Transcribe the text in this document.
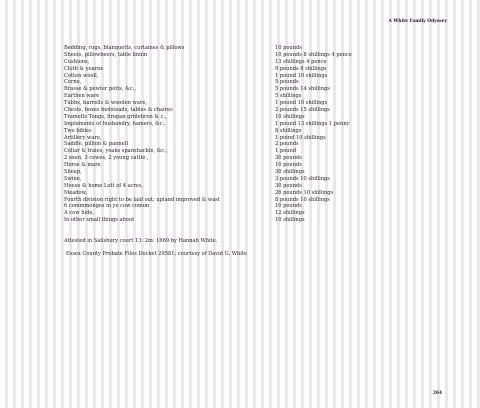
A White Family Odyssey
Bedding, rugs, blanquetts, curtaines & pillows	10 pounds
Sheets, pillowbeers, table linnin	10 pounds 8 shillings 4 pence
Cushions,	13 shillings 4 pence
Cloth & yearne	9 pounds 8 shillings
Cotten wooll,	1 pound 10 shillings
Corne,	5 pounds
Brasse & pewter potts, &c.,	5 pounds 14 shillings
Earthen ware	5 shillings
Tubbs, barrells & wooden ware,	1 pound 10 shillings
Chests, boxes bedsteads, tables & chaires	2 pounds 15 shillings
Trametls Tongs, firepan gridehron & c.,	10 shillings
Implements of husbandry, hamers, &c.,	1 pound 13 shillings 1 penny
Two bibles	8 shillings
Artillery ware,	1 poind 10 shillings
Saddle, pillion & pannell	2 pounds
Collar & traies, yoaks spanshackle, &c.,	1 pound
2 oxen, 3 cowes, 2 young cattle ,	30 pounds
Horse & mare	10 pounds
Sheep,	30 shillings
Swine,	3 pounds 10 shillings
House & home Lott of 4 acres,	30 pounds
Meadow,	26 pounds 10 shillings
Fourth division right to be laid out; upland improved & wast	8 pounds 10 shillings
6 commmonges in ye cow comon	10 pounds
A cow hide,	12 shillings
In other small things about	10 shillings
Attested in Salisbury court 13: 2m: 1669 by Hannah White.
Essex County Probate Files Docket 29581; courtesy of David G. White
264
